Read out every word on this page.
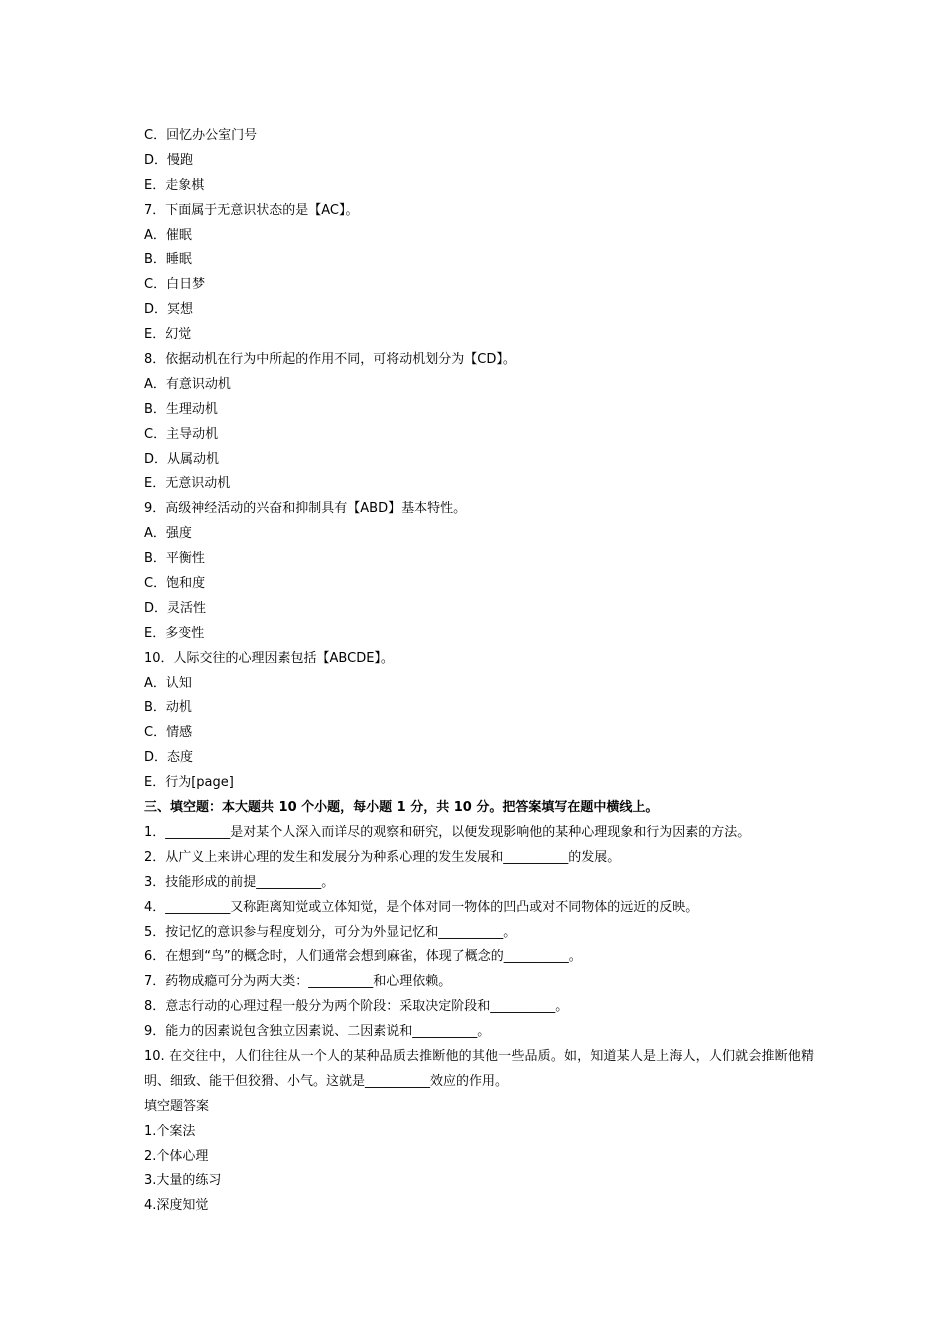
C．回忆办公室门号
D．慢跑
E．走象棋
7．下面属于无意识状态的是【AC】。
A．催眠
B．睡眠
C．白日梦
D．冥想
E．幻觉
8．依据动机在行为中所起的作用不同，可将动机划分为【CD】。
A．有意识动机
B．生理动机
C．主导动机
D．从属动机
E．无意识动机
9．高级神经活动的兴奋和抑制具有【ABD】基本特性。
A．强度
B．平衡性
C．饱和度
D．灵活性
E．多变性
10．人际交往的心理因素包括【ABCDE】。
A．认知
B．动机
C．情感
D．态度
E．行为[page]
三、填空题：本大题共 10 个小题，每小题 1 分，共 10 分。把答案填写在题中横线上。
1．__________是对某个人深入而详尽的观察和研究，以便发现影响他的某种心理现象和行为因素的方法。
2．从广义上来讲心理的发生和发展分为种系心理的发生发展和__________的发展。
3．技能形成的前提__________。
4．__________又称距离知觉或立体知觉，是个体对同一物体的凹凸或对不同物体的远近的反映。
5．按记忆的意识参与程度划分，可分为外显记忆和__________。
6．在想到“鸟”的概念时，人们通常会想到麻雀，体现了概念的__________。
7．药物成瘾可分为两大类：__________和心理依赖。
8．意志行动的心理过程一般分为两个阶段：采取决定阶段和__________。
9．能力的因素说包含独立因素说、二因素说和__________。
10. 在交往中，人们往往从一个人的某种品质去推断他的其他一些品质。如，知道某人是上海人，人们就会推断他精明、细致、能干但狡猾、小气。这就是__________效应的作用。
填空题答案
1.个案法
2.个体心理
3.大量的练习
4.深度知觉
